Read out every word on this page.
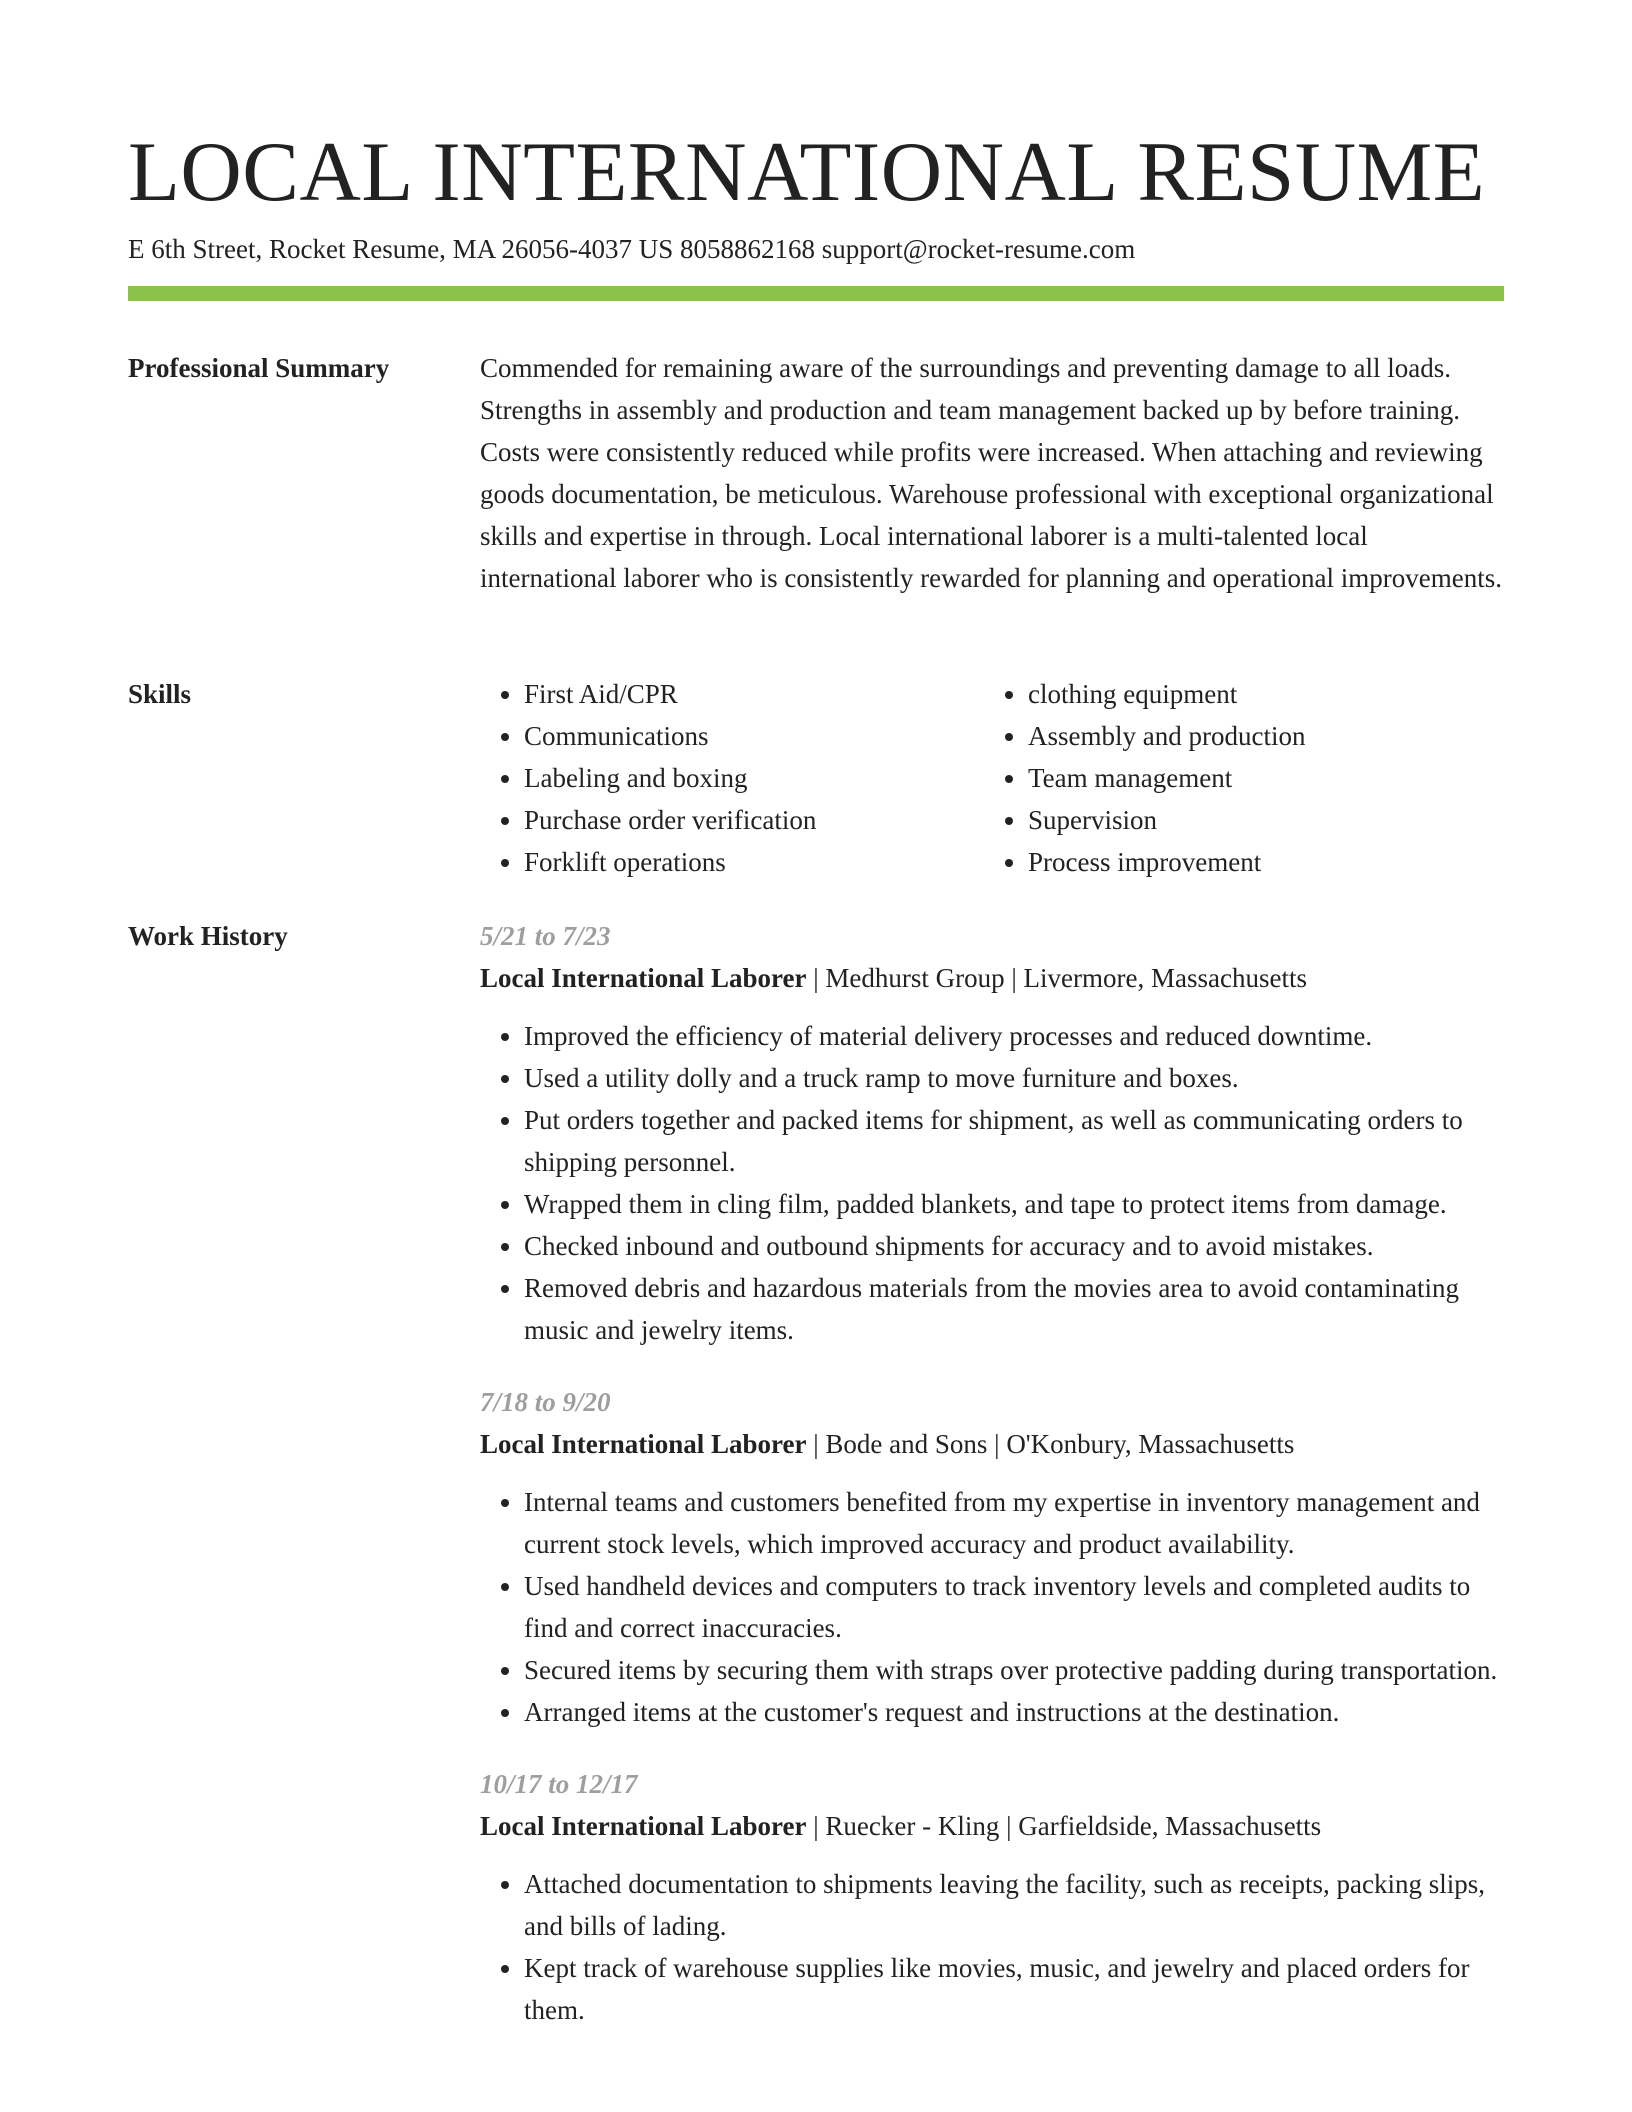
LOCAL INTERNATIONAL RESUME
E 6th Street, Rocket Resume, MA 26056-4037 US 8058862168 support@rocket-resume.com
Professional Summary	Commended for remaining aware of the surroundings and preventing damage to all loads. Strengths in assembly and production and team management backed up by before training. Costs were consistently reduced while profits were increased. When attaching and reviewing goods documentation, be meticulous. Warehouse professional with exceptional organizational skills and expertise in through. Local international laborer is a multi-talented local international laborer who is consistently rewarded for planning and operational improvements.

Skills
•	First Aid/CPR
• Communications
• Labeling and boxing
• Purchase order verification
• Forklift operations
• clothing equipment
• Assembly and production
• Team management
• Supervision
• Process improvement
Work History	5/21 to 7/23
Local International Laborer | Medhurst Group | Livermore, Massachusetts
• Improved the efficiency of material delivery processes and reduced downtime.
• Used a utility dolly and a truck ramp to move furniture and boxes.
• Put orders together and packed items for shipment, as well as communicating orders to shipping personnel.
• Wrapped them in cling film, padded blankets, and tape to protect items from damage.
• Checked inbound and outbound shipments for accuracy and to avoid mistakes.
• Removed debris and hazardous materials from the movies area to avoid contaminating music and jewelry items.
7/18 to 9/20
Local International Laborer | Bode and Sons | O'Konbury, Massachusetts
• Internal teams and customers benefited from my expertise in inventory management and current stock levels, which improved accuracy and product availability.
• Used handheld devices and computers to track inventory levels and completed audits to find and correct inaccuracies.
• Secured items by securing them with straps over protective padding during transportation.
• Arranged items at the customer's request and instructions at the destination.
10/17 to 12/17
Local International Laborer | Ruecker - Kling | Garfieldside, Massachusetts
• Attached documentation to shipments leaving the facility, such as receipts, packing slips, and bills of lading.
• Kept track of warehouse supplies like movies, music, and jewelry and placed orders for them.
